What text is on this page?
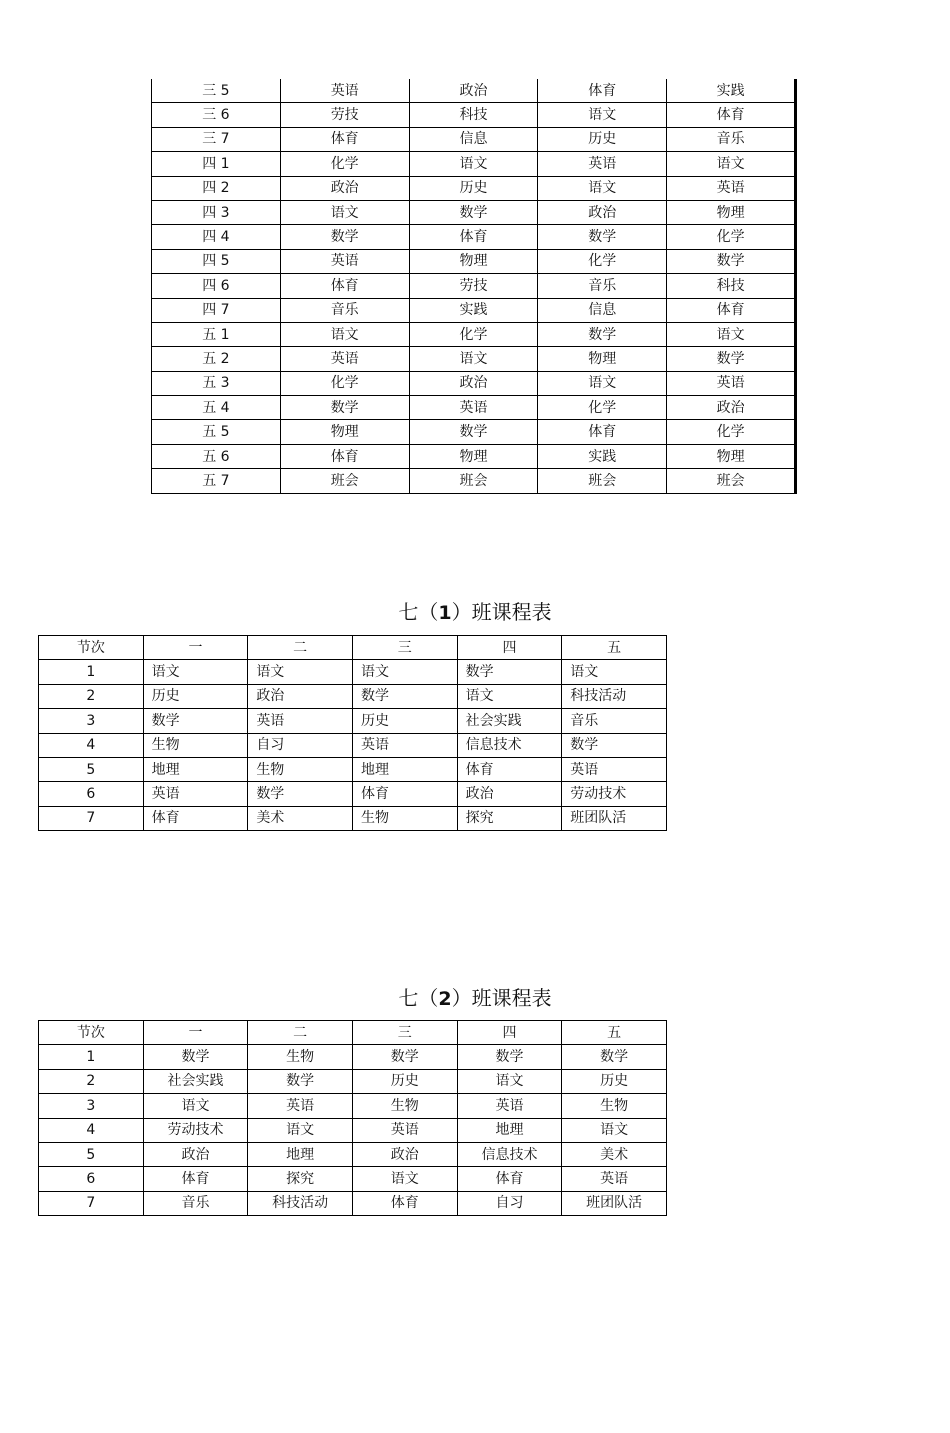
三 5	英语	政治	体育	实践
三 6	劳技	科技	语文	体育
三 7	体育	信息	历史	音乐
四 1	化学	语文	英语	语文
四 2	政治	历史	语文	英语
四 3	语文	数学	政治	物理
四 4	数学	体育	数学	化学
四 5	英语	物理	化学	数学
四 6	体育	劳技	音乐	科技
四 7	音乐	实践	信息	体育
五 1	语文	化学	数学	语文
五 2	英语	语文	物理	数学
五 3	化学	政治	语文	英语
五 4	数学	英语	化学	政治
五 5	物理	数学	体育	化学
五 6	体育	物理	实践	物理
五 7	班会	班会	班会	班会
七（1）班课程表
节次	一	二	三	四	五
1	语文	语文	语文	数学	语文
2	历史	政治	数学	语文	科技活动
3	数学	英语	历史	社会实践	音乐
4	生物	自习	英语	信息技术	数学
5	地理	生物	地理	体育	英语
6	英语	数学	体育	政治	劳动技术
7	体育	美术	生物	探究	班团队活
七（2）班课程表
节次	一	二	三	四	五
1	数学	生物	数学	数学	数学
2	社会实践	数学	历史	语文	历史
3	语文	英语	生物	英语	生物
4	劳动技术	语文	英语	地理	语文
5	政治	地理	政治	信息技术	美术
6	体育	探究	语文	体育	英语
7	音乐	科技活动	体育	自习	班团队活
